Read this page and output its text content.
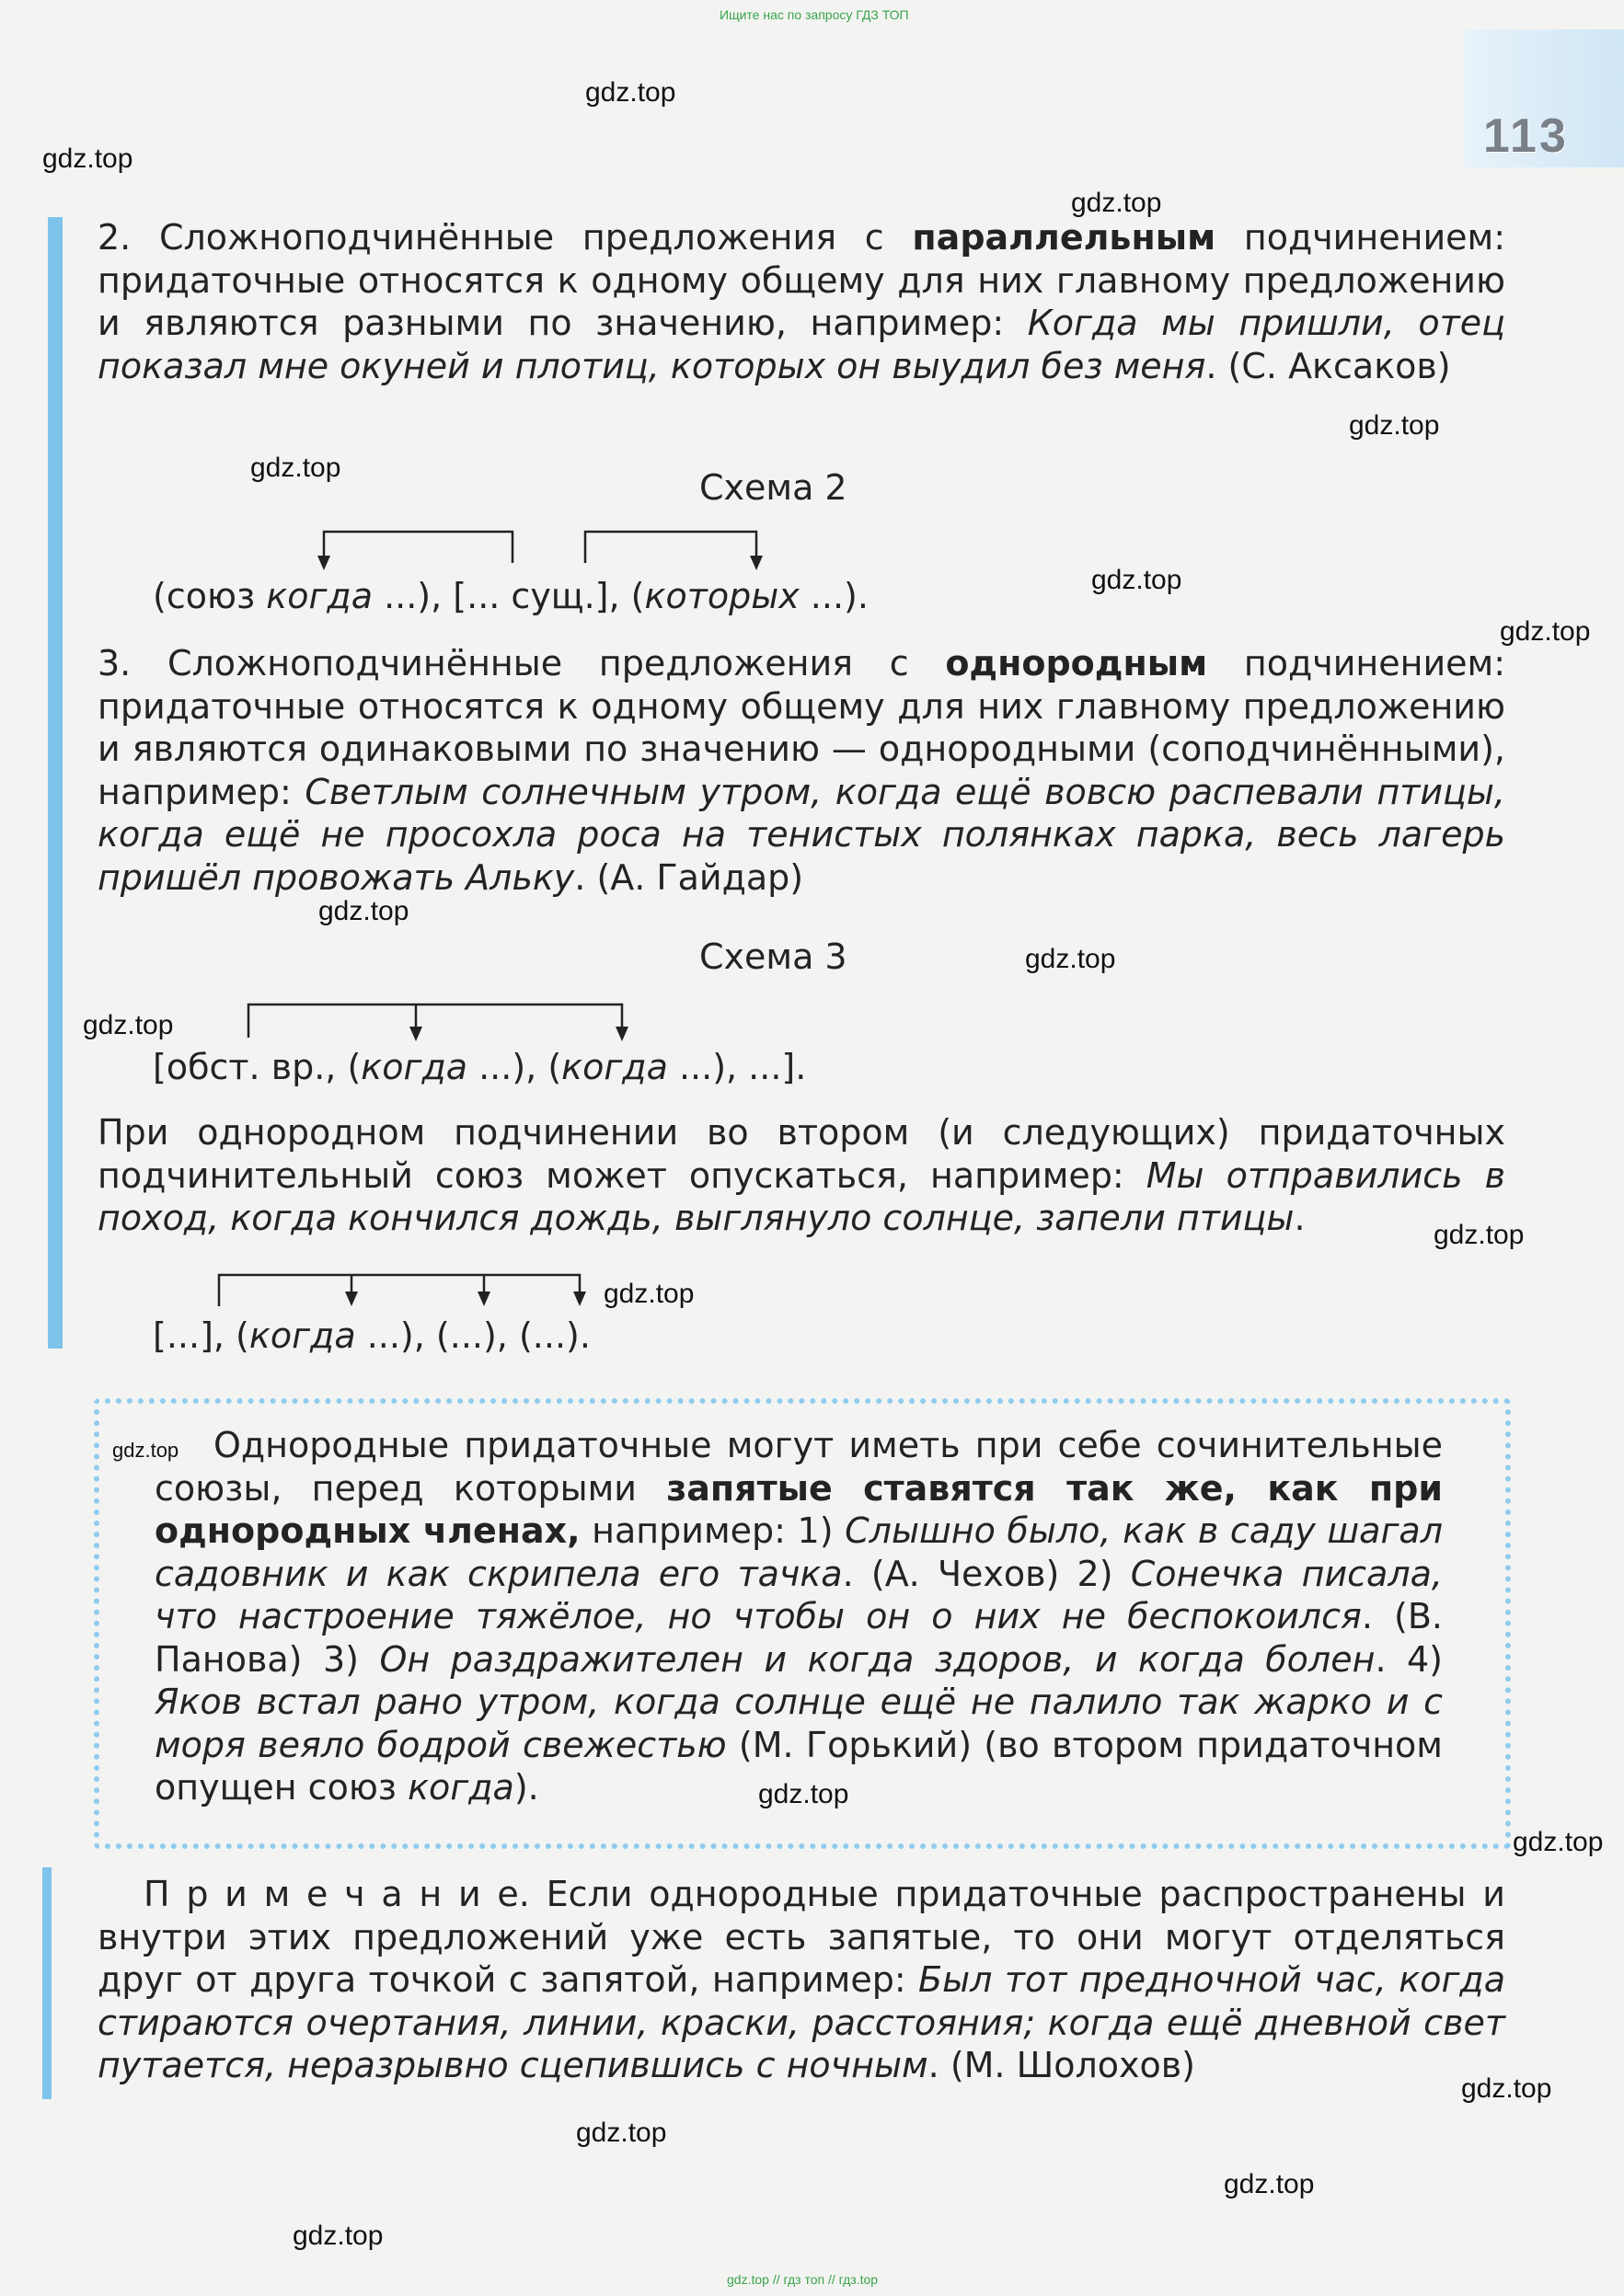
Ищите нас по запросу ГДЗ ТОП
113

2. Сложноподчинённые предложения с параллельным подчинением: придаточные относятся к одному общему для них главному предложению и являются разными по значению, например: Когда мы пришли, отец показал мне окуней и плотиц, которых он выудил без меня. (С. Аксаков)

Схема 2
(союз когда ...), [... сущ.], (которых ...).

3. Сложноподчинённые предложения с однородным подчинением: придаточные относятся к одному общему для них главному предложению и являются одинаковыми по значению — однородными (соподчинёнными), например: Светлым солнечным утром, когда ещё вовсю распевали птицы, когда ещё не просохла роса на тенистых полянках парка, весь лагерь пришёл провожать Альку. (А. Гайдар)

Схема 3
[обст. вр., (когда ...), (когда ...), ...].

При однородном подчинении во втором (и следующих) придаточных подчинительный союз может опускаться, например: Мы отправились в поход, когда кончился дождь, выглянуло солнце, запели птицы.

[...], (когда ...), (...), (...).

Однородные придаточные могут иметь при себе сочинительные союзы, перед которыми запятые ставятся так же, как при однородных членах, например: 1) Слышно было, как в саду шагал садовник и как скрипела его тачка. (А. Чехов) 2) Сонечка писала, что настроение тяжёлое, но чтобы он о них не беспокоился. (В. Панова) 3) Он раздражителен и когда здоров, и когда болен. 4) Яков встал рано утром, когда солнце ещё не палило так жарко и с моря веяло бодрой свежестью (М. Горький) (во втором придаточном опущен союз когда).

П р и м е ч а н и е. Если однородные придаточные распространены и внутри этих предложений уже есть запятые, то они могут отделяться друг от друга точкой с запятой, например: Был тот предночной час, когда стираются очертания, линии, краски, расстояния; когда ещё дневной свет путается, неразрывно сцепившись с ночным. (М. Шолохов)

gdz.top
gdz.top
gdz.top
gdz.top
gdz.top
gdz.top
gdz.top
gdz.top
gdz.top
gdz.top
gdz.top
gdz.top
gdz.top
gdz.top
gdz.top
gdz.top
gdz.top
gdz.top
gdz.top
gdz.top // гдз топ // гдз.top
